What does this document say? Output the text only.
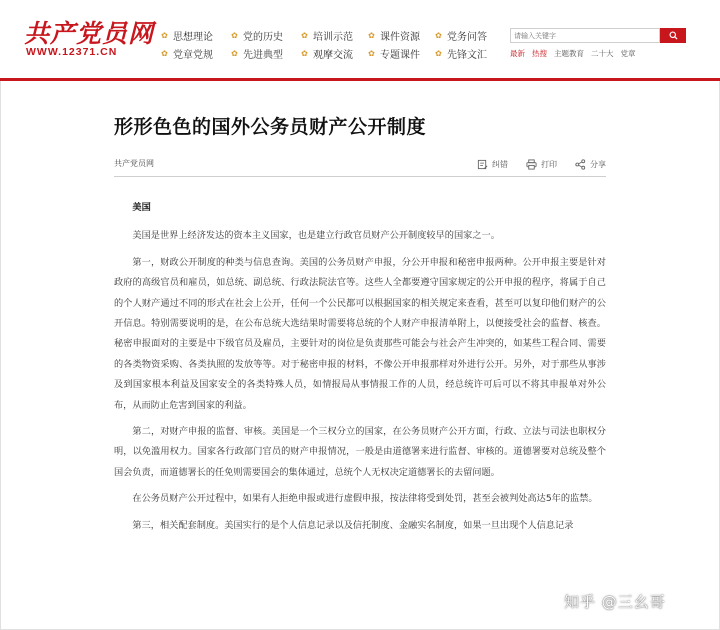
共产党员网
WWW.12371.CN
✿ 思想理论 ✿ 党的历史 ✿ 培训示范 ✿ 课件资源 ✿ 党务问答
✿ 党章党规 ✿ 先进典型 ✿ 观摩交流 ✿ 专题课件 ✿ 先锋文汇
请输入关键字	最新 热搜 主题教育 二十大 党章
形形色色的国外公务员财产公开制度
共产党员网	纠错	打印	分享

美国

美国是世界上经济发达的资本主义国家，也是建立行政官员财产公开制度较早的国家之一。

第一，财政公开制度的种类与信息查询。美国的公务员财产申报，分公开申报和秘密申报两种。公开申报主要是针对政府的高级官员和雇员，如总统、副总统、行政法院法官等。这些人全都要遵守国家规定的公开申报的程序，将属于自己的个人财产通过不同的形式在社会上公开，任何一个公民都可以根据国家的相关规定来查看，甚至可以复印他们财产的公开信息。特别需要说明的是，在公布总统大选结果时需要将总统的个人财产申报清单附上，以便接受社会的监督、核查。秘密申报面对的主要是中下级官员及雇员，主要针对的岗位是负责那些可能会与社会产生冲突的，如某些工程合同、需要的各类物资采购、各类执照的发放等等。对于秘密申报的材料，不像公开申报那样对外进行公开。另外，对于那些从事涉及到国家根本利益及国家安全的各类特殊人员，如情报局从事情报工作的人员，经总统许可后可以不将其申报单对外公布，从而防止危害到国家的利益。

第二，对财产申报的监督、审核。美国是一个三权分立的国家，在公务员财产公开方面，行政、立法与司法也职权分明，以免滥用权力。国家各行政部门官员的财产申报情况，一般是由道德署来进行监督、审核的。道德署要对总统及整个国会负责，而道德署长的任免则需要国会的集体通过，总统个人无权决定道德署长的去留问题。

在公务员财产公开过程中，如果有人拒绝申报或进行虚假申报，按法律将受到处罚，甚至会被判处高达5年的监禁。

第三，相关配套制度。美国实行的是个人信息记录以及信托制度、金融实名制度，如果一旦出现个人信息记录

知乎 @三幺哥
